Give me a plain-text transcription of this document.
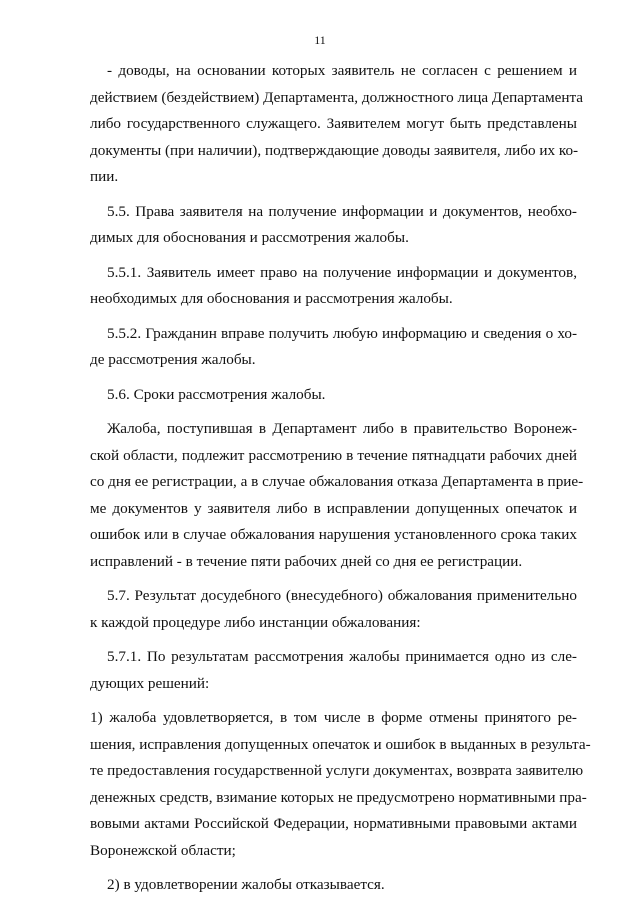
11
- доводы, на основании которых заявитель не согласен с решением и
действием (бездействием) Департамента, должностного лица Департамента
либо государственного служащего. Заявителем могут быть представлены
документы (при наличии), подтверждающие доводы заявителя, либо их ко-
пии.
5.5. Права заявителя на получение информации и документов, необхо-
димых для обоснования и рассмотрения жалобы.
5.5.1. Заявитель имеет право на получение информации и документов,
необходимых для обоснования и рассмотрения жалобы.
5.5.2. Гражданин вправе получить любую информацию и сведения о хо-
де рассмотрения жалобы.
5.6. Сроки рассмотрения жалобы.
Жалоба, поступившая в Департамент либо в правительство Воронеж-
ской области, подлежит рассмотрению в течение пятнадцати рабочих дней
со дня ее регистрации, а в случае обжалования отказа Департамента в прие-
ме документов у заявителя либо в исправлении допущенных опечаток и
ошибок или в случае обжалования нарушения установленного срока таких
исправлений - в течение пяти рабочих дней со дня ее регистрации.
5.7. Результат досудебного (внесудебного) обжалования применительно
к каждой процедуре либо инстанции обжалования:
5.7.1. По результатам рассмотрения жалобы принимается одно из сле-
дующих решений:
1) жалоба удовлетворяется, в том числе в форме отмены принятого ре-
шения, исправления допущенных опечаток и ошибок в выданных в результа-
те предоставления государственной услуги документах, возврата заявителю
денежных средств, взимание которых не предусмотрено нормативными пра-
вовыми актами Российской Федерации, нормативными правовыми актами
Воронежской области;
2) в удовлетворении жалобы отказывается.
